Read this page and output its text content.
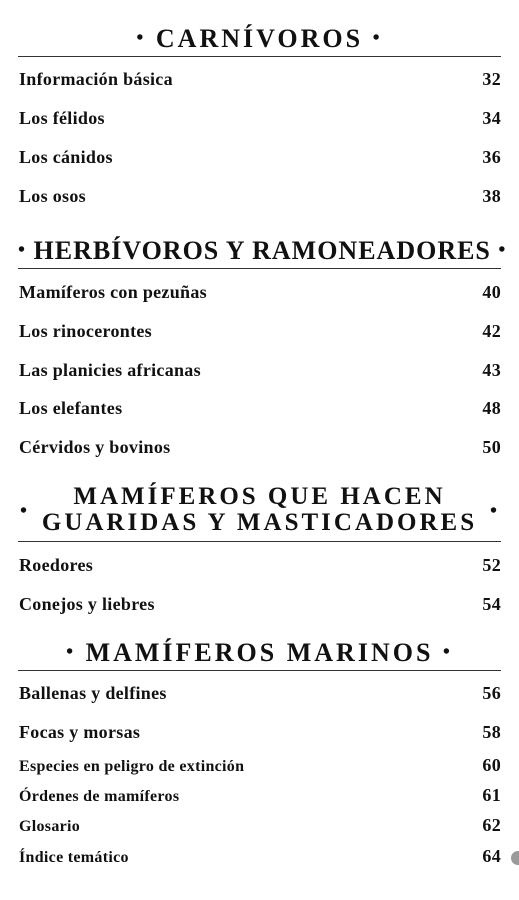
• CARNÍVOROS •
Información básica	32
Los félidos	34
Los cánidos	36
Los osos	38
• HERBÍVOROS Y RAMONEADORES •
Mamíferos con pezuñas	40
Los rinocerontes	42
Las planicies africanas	43
Los elefantes	48
Cérvidos y bovinos	50
•
MAMÍFEROS QUE HACEN
GUARIDAS Y MASTICADORES •
Roedores	52
Conejos y liebres	54
• MAMÍFEROS MARINOS •
Ballenas y delfines	56
Focas y morsas	58
Especies en peligro de extinción	60
Órdenes de mamíferos	61
Glosario	62
Índice temático	64
